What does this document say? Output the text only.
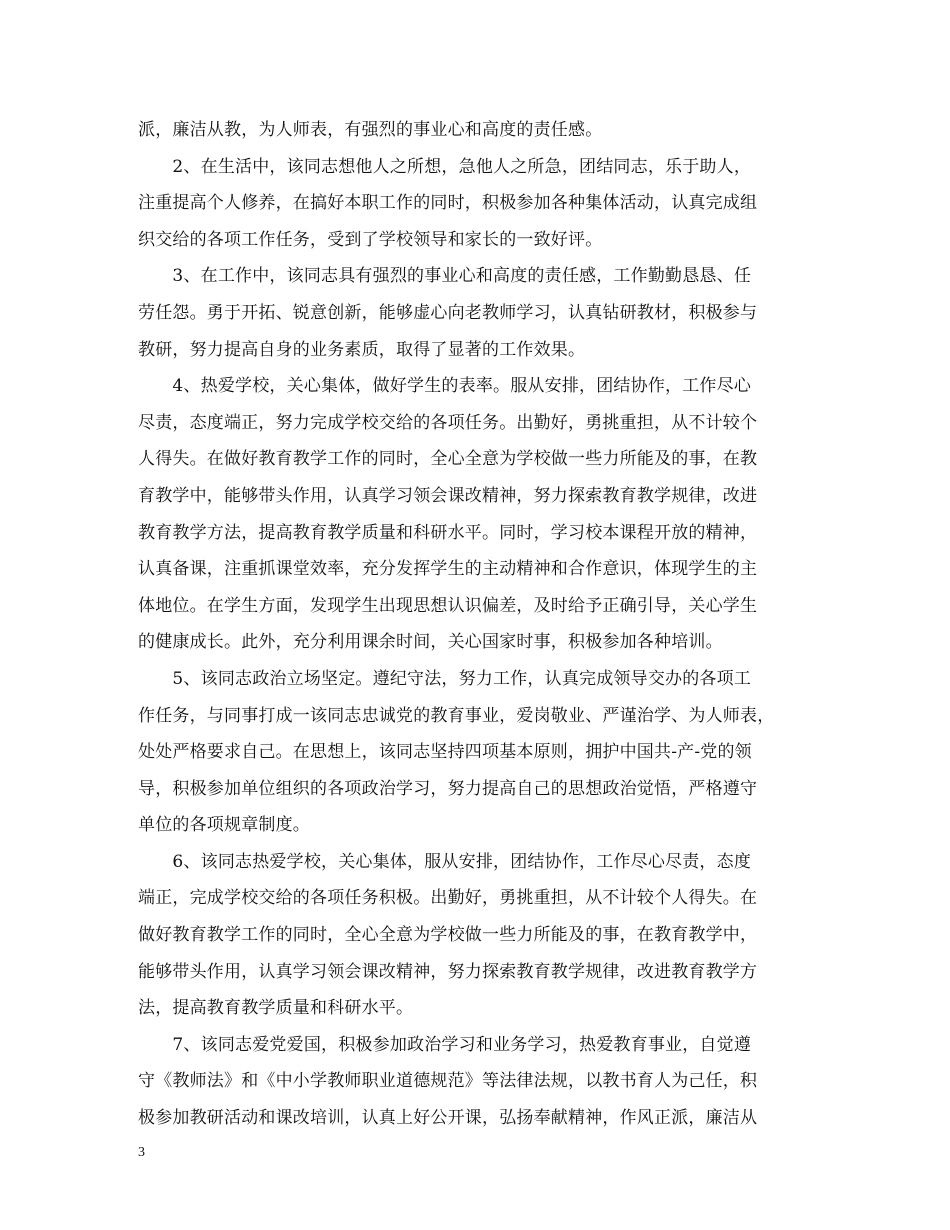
派，廉洁从教，为人师表，有强烈的事业心和高度的责任感。
　　2、在生活中，该同志想他人之所想，急他人之所急，团结同志，乐于助人，
注重提高个人修养，在搞好本职工作的同时，积极参加各种集体活动，认真完成组
织交给的各项工作任务，受到了学校领导和家长的一致好评。
　　3、在工作中，该同志具有强烈的事业心和高度的责任感，工作勤勤恳恳、任
劳任怨。勇于开拓、锐意创新，能够虚心向老教师学习，认真钻研教材，积极参与
教研，努力提高自身的业务素质，取得了显著的工作效果。
　　4、热爱学校，关心集体，做好学生的表率。服从安排，团结协作，工作尽心
尽责，态度端正，努力完成学校交给的各项任务。出勤好，勇挑重担，从不计较个
人得失。在做好教育教学工作的同时，全心全意为学校做一些力所能及的事，在教
育教学中，能够带头作用，认真学习领会课改精神，努力探索教育教学规律，改进
教育教学方法，提高教育教学质量和科研水平。同时，学习校本课程开放的精神，
认真备课，注重抓课堂效率，充分发挥学生的主动精神和合作意识，体现学生的主
体地位。在学生方面，发现学生出现思想认识偏差，及时给予正确引导，关心学生
的健康成长。此外，充分利用课余时间，关心国家时事，积极参加各种培训。
　　5、该同志政治立场坚定。遵纪守法，努力工作，认真完成领导交办的各项工
作任务，与同事打成一该同志忠诚党的教育事业，爱岗敬业、严谨治学、为人师表，
处处严格要求自己。在思想上，该同志坚持四项基本原则，拥护中国共-产-党的领
导，积极参加单位组织的各项政治学习，努力提高自己的思想政治觉悟，严格遵守
单位的各项规章制度。
　　6、该同志热爱学校，关心集体，服从安排，团结协作，工作尽心尽责，态度
端正，完成学校交给的各项任务积极。出勤好，勇挑重担，从不计较个人得失。在
做好教育教学工作的同时，全心全意为学校做一些力所能及的事，在教育教学中，
能够带头作用，认真学习领会课改精神，努力探索教育教学规律，改进教育教学方
法，提高教育教学质量和科研水平。
　　7、该同志爱党爱国，积极参加政治学习和业务学习，热爱教育事业，自觉遵
守《教师法》和《中小学教师职业道德规范》等法律法规，以教书育人为己任，积
极参加教研活动和课改培训，认真上好公开课，弘扬奉献精神，作风正派，廉洁从
3
